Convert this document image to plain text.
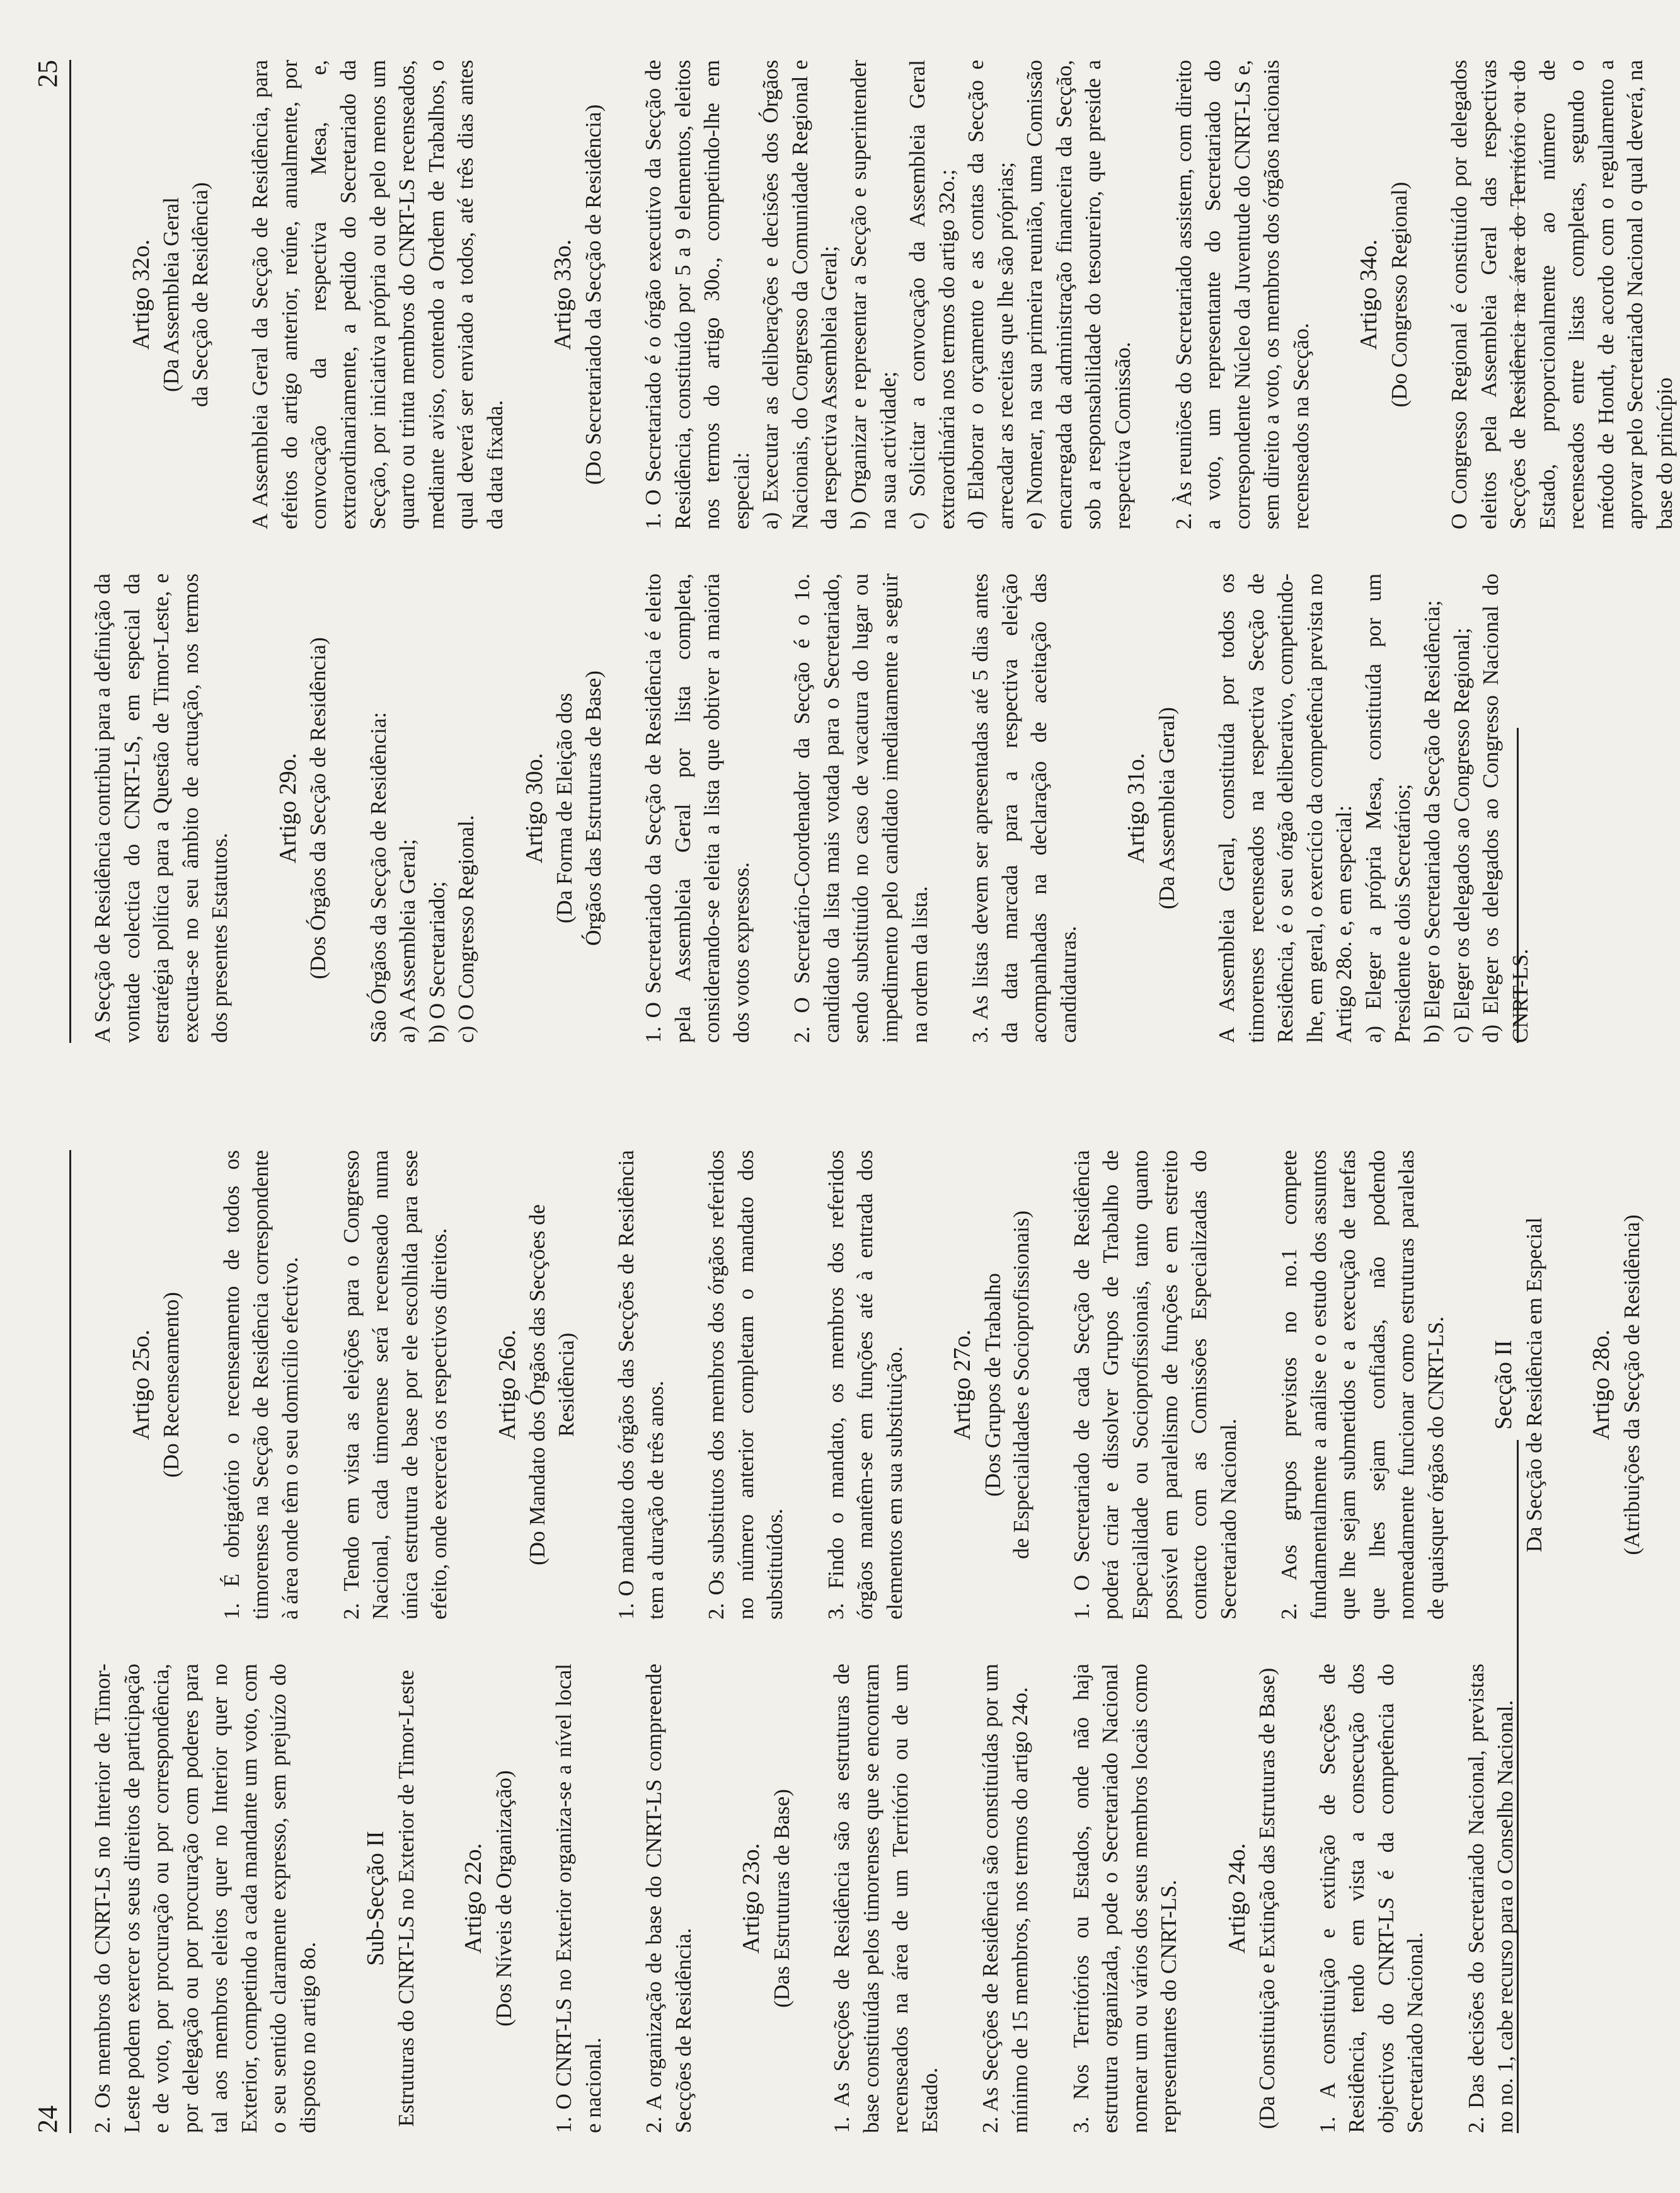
24 2. Os membros do CNRT-LS no Interior de Timor-Leste podem exercer os seus direitos de participação e de voto, por procuração ou por correspondência, por delegação ou por procuração com poderes para tal aos membros eleitos quer no Interior quer no Exterior, competindo a cada mandante um voto, com o seu sentido claramente expresso, sem prejuízo do disposto no artigo 8o.
Sub-Secção II Estruturas do CNRT-LS no Exterior de Timor-Leste Artigo 22o. (Dos Níveis de Organização) 1. O CNRT-LS no Exterior organiza-se a nível local e nacional. 2. A organização de base do CNRT-LS compreende Secções de Residência.
Artigo 23o. (Das Estruturas de Base) 1. As Secções de Residência são as estruturas de base constituídas pelos timorenses que se encontram recenseados na área de um Território ou de um Estado. 2. As Secções de Residência são constituídas por um mínimo de 15 membros, nos termos do artigo 24o. 3. Nos Territórios ou Estados, onde não haja estrutura organizada, pode o Secretariado Nacional nomear um ou vários dos seus membros locais como representantes do CNRT-LS. Artigo 24o. (Da Constituição e Extinção das Estruturas de Base) 1. A constituição e extinção de Secções de Residência, tendo em vista a consecução dos objectivos do CNRT-LS é da competência do Secretariado Nacional. 2. Das decisões do Secretariado Nacional, previstas no no. 1, cabe recurso para o Conselho Nacional.
Artigo 25o. (Do Recenseamento) 1. É obrigatório o recenseamento de todos os timorenses na Secção de Residência correspondente à área onde têm o seu domicílio efectivo. 2. Tendo em vista as eleições para o Congresso Nacional, cada timorense será recenseado numa única estrutura de base por ele escolhida para esse efeito, onde exercerá os respectivos direitos. Artigo 26o. (Do Mandato dos Órgãos das Secções de Residência) 1. O mandato dos órgãos das Secções de Residência tem a duração de três anos. 2. Os substitutos dos membros dos órgãos referidos no número anterior completam o mandato dos substituídos. 3. Findo o mandato, os membros dos referidos órgãos mantêm-se em funções até à entrada dos elementos em sua substituição. Artigo 27o. (Dos Grupos de Trabalho de Especialidades e Socioprofissionais) 1. O Secretariado de cada Secção de Residência poderá criar e dissolver Grupos de Trabalho de Especialidade ou Socioprofissionais, tanto quanto possível em paralelismo de funções e em estreito contacto com as Comissões Especializadas do Secretariado Nacional. 2. Aos grupos previstos no no.1 compete fundamentalmente a análise e o estudo dos assuntos que lhe sejam submetidos e a execução de tarefas que lhes sejam confiadas, não podendo nomeadamente funcionar como estruturas paralelas de quaisquer órgãos do CNRT-LS. Secção II Da Secção de Residência em Especial Artigo 28o. (Atribuições da Secção de Residência)
25
A Secção de Residência contribui para a definição da vontade colectica do CNRT-LS, em especial da estratégia política para a Questão de Timor-Leste, e executa-se no seu âmbito de actuação, nos termos dos presentes Estatutos.
Artigo 29o. (Dos Órgãos da Secção de Residência) São Órgãos da Secção de Residência: a) A Assembleia Geral; b) O Secretariado; c) O Congresso Regional.
Artigo 30o. (Da Forma de Eleição dos Órgãos das Estruturas de Base) 1. O Secretariado da Secção de Residência é eleito pela Assembleia Geral por lista completa, considerando-se eleita a lista que obtiver a maioria dos votos expressos. 2. O Secretário-Coordenador da Secção é o 1o. candidato da lista mais votada para o Secretariado, sendo substituído no caso de vacatura do lugar ou impedimento pelo candidato imediatamente a seguir na ordem da lista. 3. As listas devem ser apresentadas até 5 dias antes da data marcada para a respectiva eleição acompanhadas na declaração de aceitação das candidaturas.
Artigo 31o. (Da Assembleia Geral) A Assembleia Geral, constituída por todos os timorenses recenseados na respectiva Secção de Residência, é o seu órgão deliberativo, competindo-lhe, em geral, o exercício da competência prevista no Artigo 28o. e, em especial: a) Eleger a própria Mesa, constituída por um Presidente e dois Secretários; b) Eleger o Secretariado da Secção de Residência; c) Eleger os delegados ao Congresso Regional; d) Eleger os delegados ao Congresso Nacional do CNRT-LS.
Artigo 32o. (Da Assembleia Geral da Secção de Residência) A Assembleia Geral da Secção de Residência, para efeitos do artigo anterior, reúne, anualmente, por convocação da respectiva Mesa, e, extraordinariamente, a pedido do Secretariado da Secção, por iniciativa própria ou de pelo menos um quarto ou trinta membros do CNRT-LS recenseados, mediante aviso, contendo a Ordem de Trabalhos, o qual deverá ser enviado a todos, até três dias antes da data fixada.
Artigo 33o. (Do Secretariado da Secção de Residência) 1. O Secretariado é o órgão executivo da Secção de Residência, constituído por 5 a 9 elementos, eleitos nos termos do artigo 30o., competindo-lhe em especial: a) Executar as deliberações e decisões dos Órgãos Nacionais, do Congresso da Comunidade Regional e da respectiva Assembleia Geral; b) Organizar e representar a Secção e superintender na sua actividade; c) Solicitar a convocação da Assembleia Geral extraordinária nos termos do artigo 32o.; d) Elaborar o orçamento e as contas da Secção e arrecadar as receitas que lhe são próprias; e) Nomear, na sua primeira reunião, uma Comissão encarregada da administração financeira da Secção, sob a responsabilidade do tesoureiro, que preside a respectiva Comissão. 2. Às reuniões do Secretariado assistem, com direito a voto, um representante do Secretariado do correspondente Núcleo da Juventude do CNRT-LS e, sem direito a voto, os membros dos órgãos nacionais recenseados na Secção.
Artigo 34o. (Do Congresso Regional) O Congresso Regional é constituído por delegados eleitos pela Assembleia Geral das respectivas Secções de Residência na área do Território ou do Estado, proporcionalmente ao número de recenseados entre listas completas, segundo o método de Hondt, de acordo com o regulamento a aprovar pelo Secretariado Nacional o qual deverá, na base do princípio
